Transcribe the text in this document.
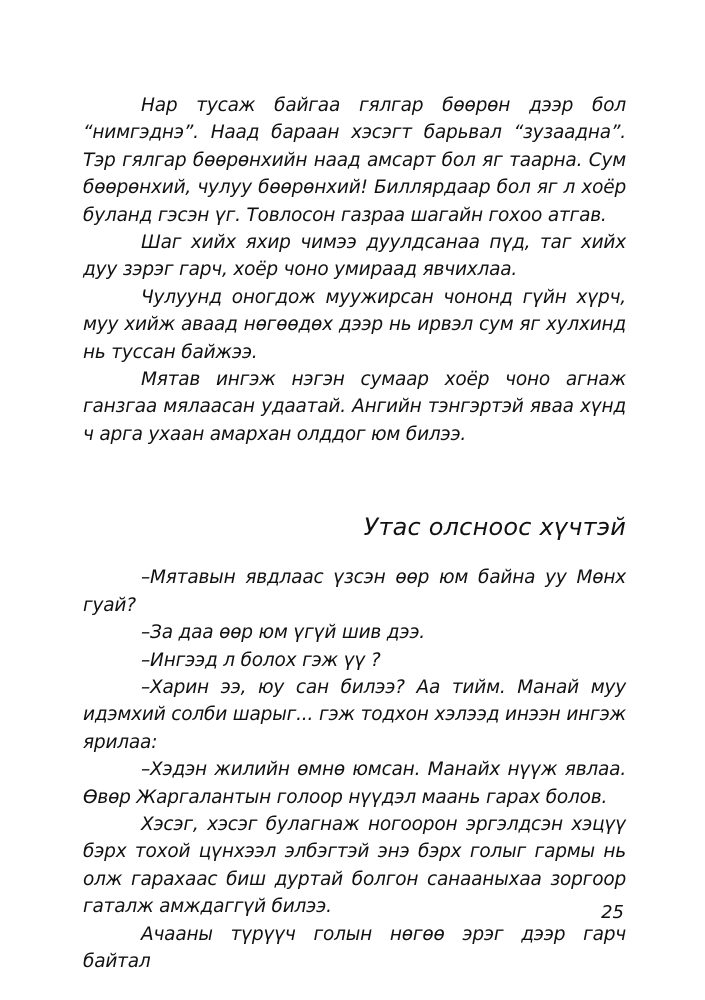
Нар тусаж байгаа гялгар бөөрөн дээр бол “нимгэднэ”. Наад бараан хэсэгт барьвал “зузаадна”. Тэр гялгар бөөрөнхийн наад амсарт бол яг таарна. Сум бөөрөнхий, чулуу бөөрөнхий! Биллярдаар бол яг л хоёр буланд гэсэн үг. Товлосон газраа шагайн гохоо атгав.

Шаг хийх яхир чимээ дуулдсанаа пүд, таг хийх дуу зэрэг гарч, хоёр чоно умираад явчихлаа.

Чулуунд оногдож муужирсан чононд гүйн хүрч, муу хийж аваад нөгөөдөх дээр нь ирвэл сум яг хулхинд нь туссан байжээ.

Мятав ингэж нэгэн сумаар хоёр чоно агнаж ганзгаа мялаасан удаатай. Ангийн тэнгэртэй яваа хүнд ч арга ухаан амархан олддог юм билээ.

Утас олсноос хүчтэй

–Мятавын явдлаас үзсэн өөр юм байна уу Мөнх гуай?

–За даа өөр юм үгүй шив дээ.

–Ингээд л болох гэж үү ?

–Харин ээ, юу сан билээ? Аа тийм. Манай муу идэмхий солби шарыг... гэж тодхон хэлээд инээн ингэж ярилаа:

–Хэдэн жилийн өмнө юмсан. Манайх нүүж явлаа. Өвөр Жаргалантын голоор нүүдэл маань гарах болов.

Хэсэг, хэсэг булагнаж ногоорон эргэлдсэн хэцүү бэрх тохой цүнхээл элбэгтэй энэ бэрх голыг гармы нь олж гарахаас биш дуртай болгон санааныхаа зоргоор гаталж амждаггүй билээ.

Ачааны түрүүч голын нөгөө эрэг дээр гарч байтал

25
